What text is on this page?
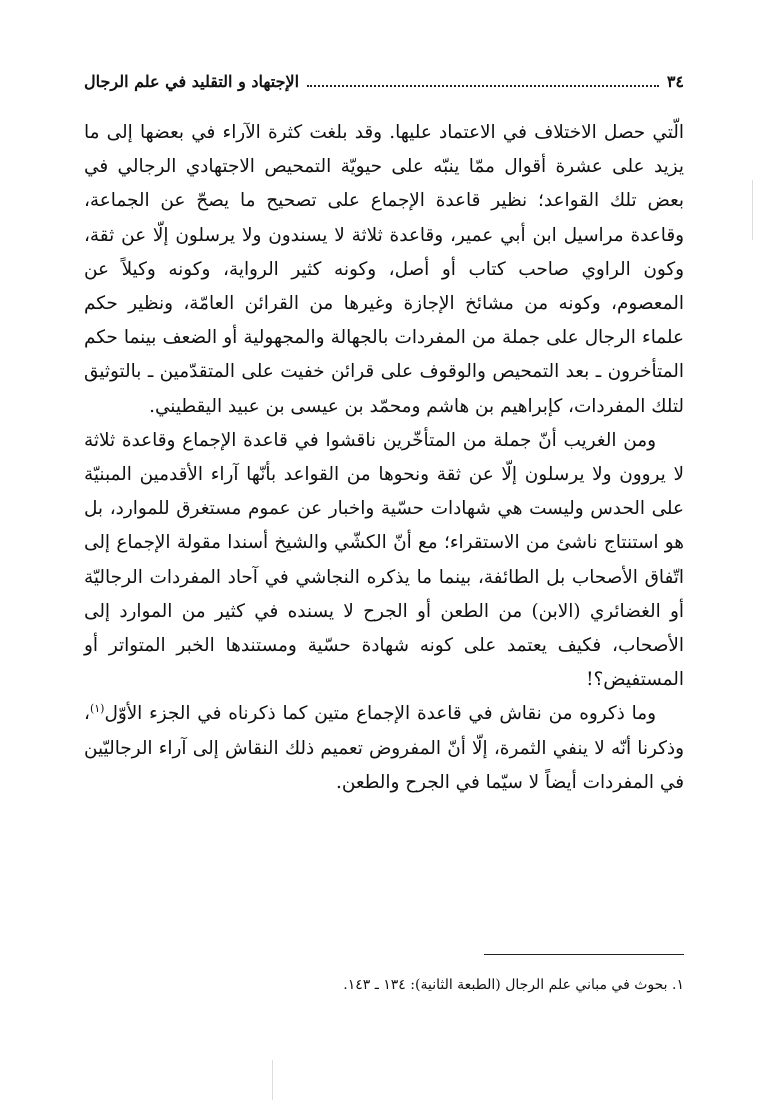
٣٤
الإجتهاد و التقليد في علم الرجال

الّتي حصل الاختلاف في الاعتماد عليها. وقد بلغت كثرة الآراء في بعضها إلى ما يزيد على عشرة أقوال ممّا ينبّه على حيويّة التمحيص الاجتهادي الرجالي في بعض تلك القواعد؛ نظير قاعدة الإجماع على تصحيح ما يصحّ عن الجماعة، وقاعدة مراسيل ابن أبي عمير، وقاعدة ثلاثة لا يسندون ولا يرسلون إلّا عن ثقة، وكون الراوي صاحب كتاب أو أصل، وكونه كثير الرواية، وكونه وكيلاً عن المعصوم، وكونه من مشائخ الإجازة وغيرها من القرائن العامّة، ونظير حكم علماء الرجال على جملة من المفردات بالجهالة والمجهولية أو الضعف بينما حكم المتأخرون ـ بعد التمحيص والوقوف على قرائن خفيت على المتقدّمين ـ بالتوثيق لتلك المفردات، كإبراهيم بن هاشم ومحمّد بن عيسى بن عبيد اليقطيني.

ومن الغريب أنّ جملة من المتأخّرين ناقشوا في قاعدة الإجماع وقاعدة ثلاثة لا يروون ولا يرسلون إلّا عن ثقة ونحوها من القواعد بأنّها آراء الأقدمين المبنيّة على الحدس وليست هي شهادات حسّية واخبار عن عموم مستغرق للموارد، بل هو استنتاج ناشئ من الاستقراء؛ مع أنّ الكشّي والشيخ أسندا مقولة الإجماع إلى اتّفاق الأصحاب بل الطائفة، بينما ما يذكره النجاشي في آحاد المفردات الرجاليّة أو الغضائري (الابن) من الطعن أو الجرح لا يسنده في كثير من الموارد إلى الأصحاب، فكيف يعتمد على كونه شهادة حسّية ومستندها الخبر المتواتر أو المستفيض؟!

وما ذكروه من نقاش في قاعدة الإجماع متين كما ذكرناه في الجزء الأوّل$^{(١)}$، وذكرنا أنّه لا ينفي الثمرة، إلّا أنّ المفروض تعميم ذلك النقاش إلى آراء الرجاليّين في المفردات أيضاً لا سيّما في الجرح والطعن.

١. بحوث في مباني علم الرجال (الطبعة الثانية): ١٣٤ ـ ١٤٣.
